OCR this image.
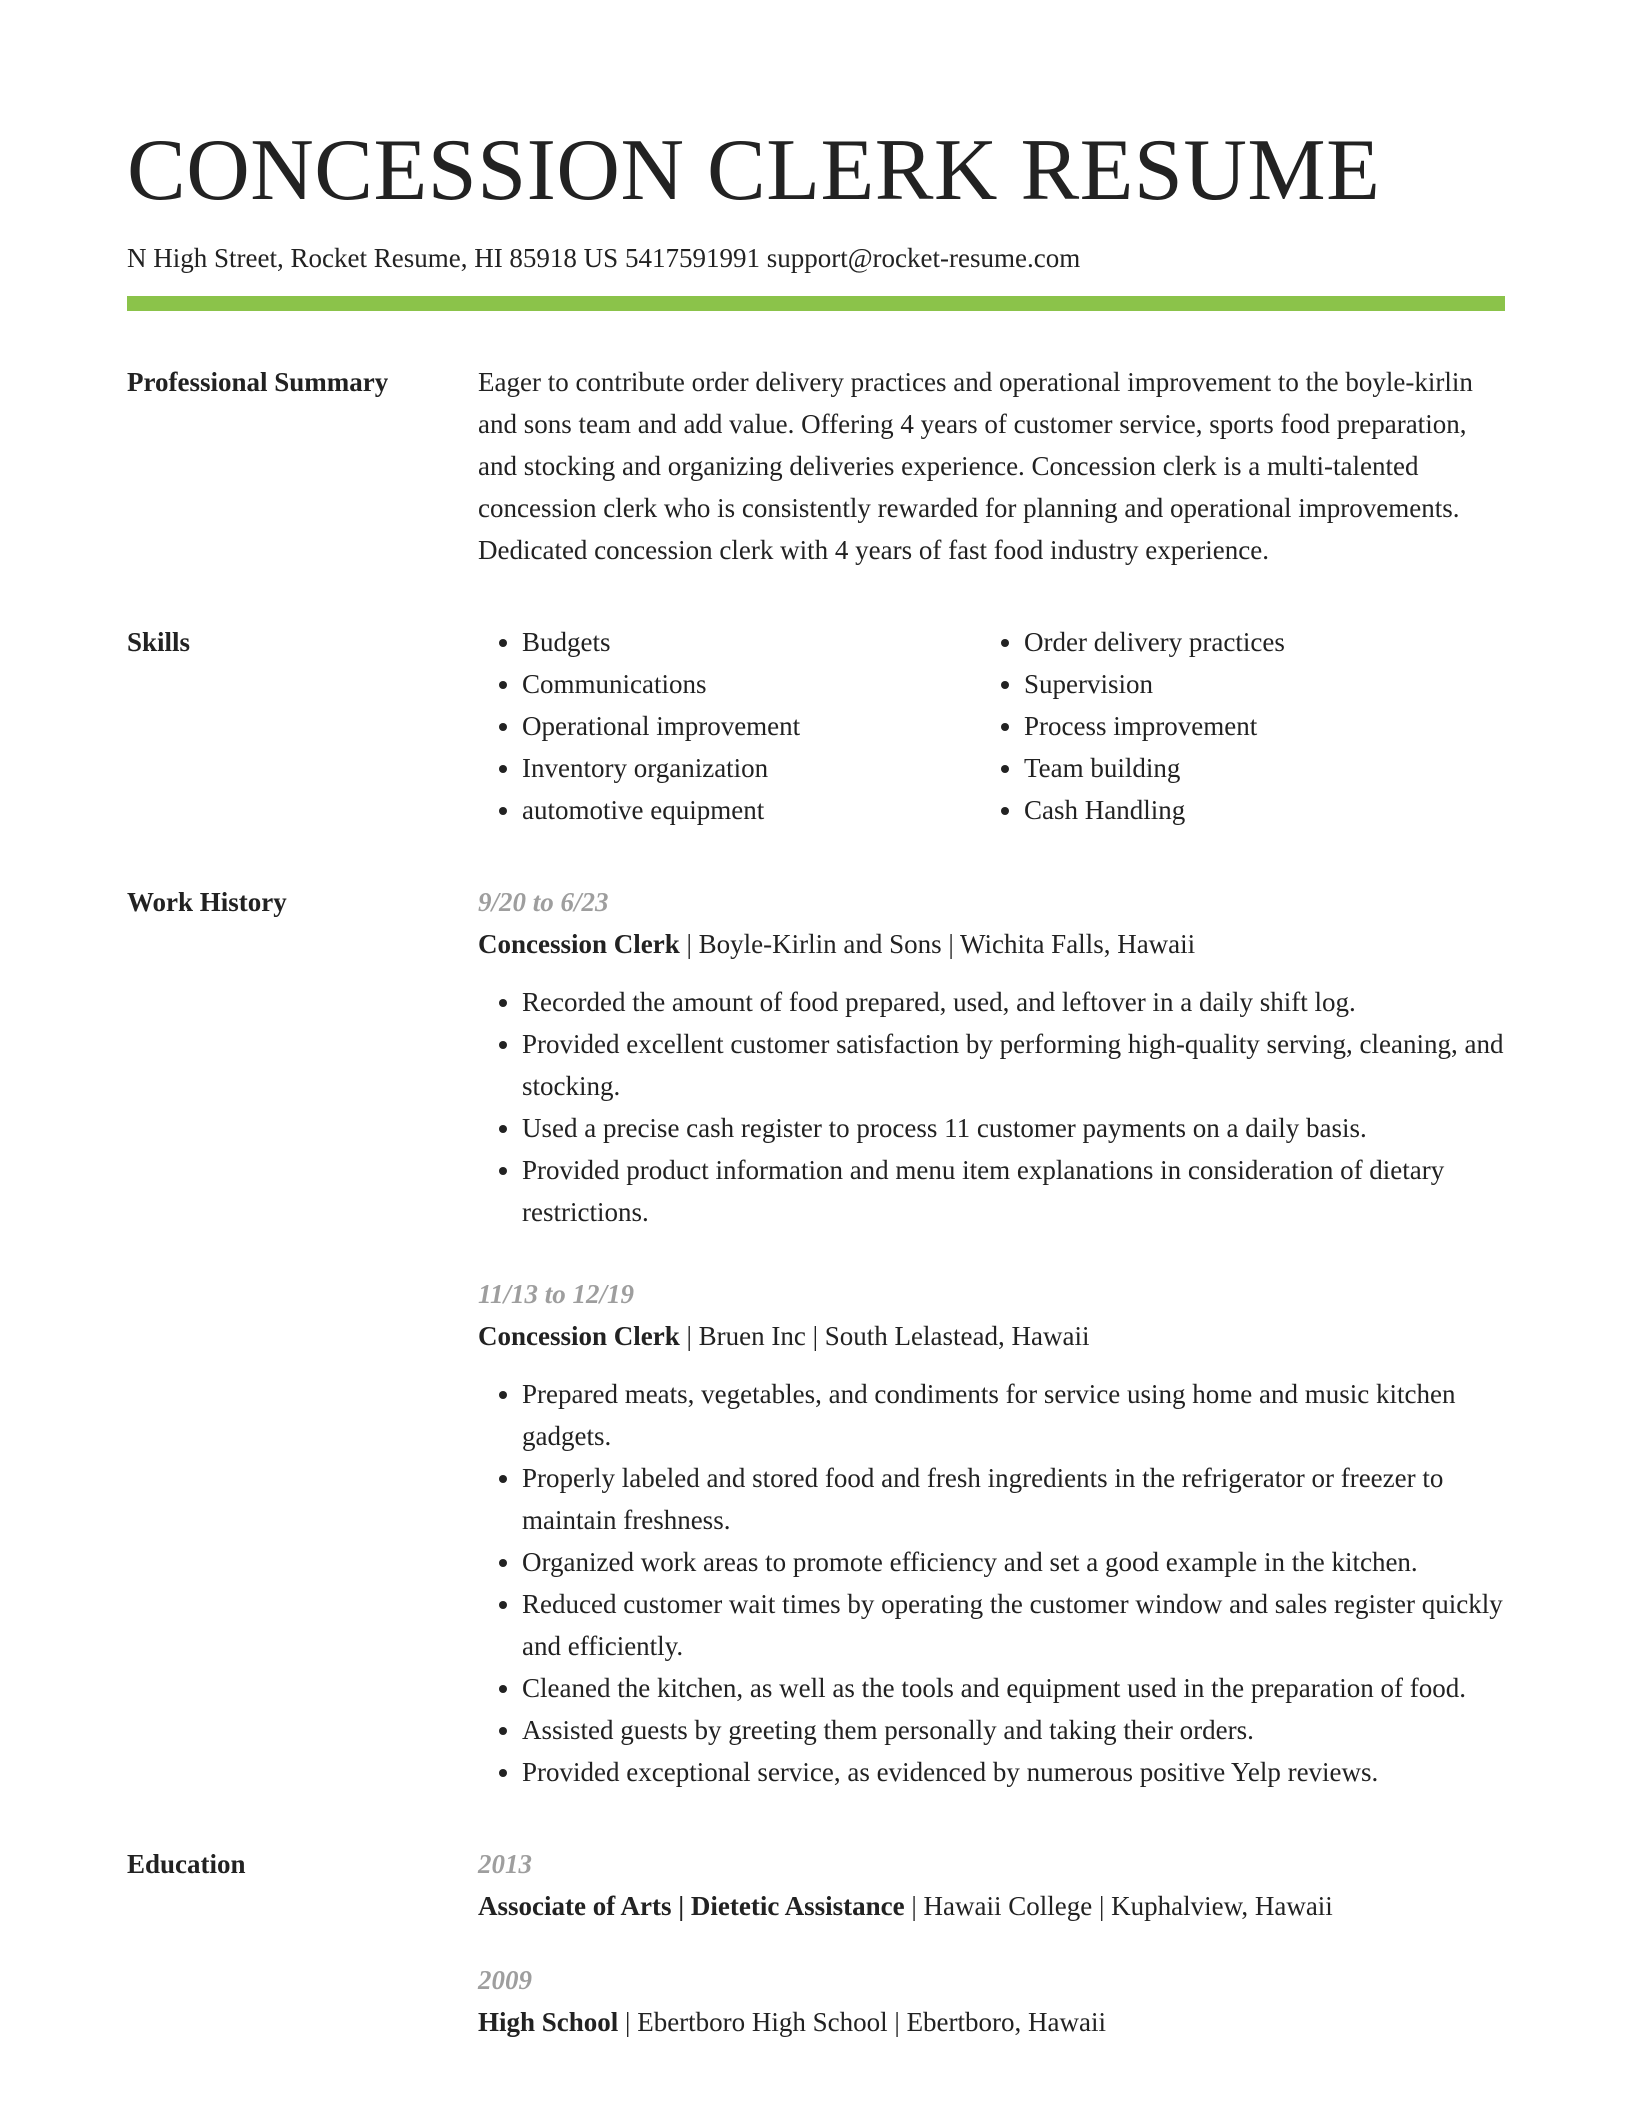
CONCESSION CLERK RESUME
N High Street, Rocket Resume, HI 85918 US 5417591991 support@rocket-resume.com
Professional Summary	Eager to contribute order delivery practices and operational improvement to the boyle-kirlin and sons team and add value. Offering 4 years of customer service, sports food preparation, and stocking and organizing deliveries experience. Concession clerk is a multi-talented concession clerk who is consistently rewarded for planning and operational improvements. Dedicated concession clerk with 4 years of fast food industry experience.

Skills
•	Budgets
• Communications
• Operational improvement
• Inventory organization
• automotive equipment
• Order delivery practices
• Supervision
• Process improvement
• Team building
• Cash Handling
Work History	9/20 to 6/23

Concession Clerk | Boyle-Kirlin and Sons | Wichita Falls, Hawaii

• Recorded the amount of food prepared, used, and leftover in a daily shift log.
• Provided excellent customer satisfaction by performing high-quality serving, cleaning, and stocking.
• Used a precise cash register to process 11 customer payments on a daily basis.
• Provided product information and menu item explanations in consideration of dietary restrictions.
11/13 to 12/19

Concession Clerk | Bruen Inc | South Lelastead, Hawaii

• Prepared meats, vegetables, and condiments for service using home and music kitchen gadgets.
• Properly labeled and stored food and fresh ingredients in the refrigerator or freezer to maintain freshness.
• Organized work areas to promote efficiency and set a good example in the kitchen.
• Reduced customer wait times by operating the customer window and sales register quickly and efficiently.
• Cleaned the kitchen, as well as the tools and equipment used in the preparation of food.
• Assisted guests by greeting them personally and taking their orders.
• Provided exceptional service, as evidenced by numerous positive Yelp reviews.
Education	2013

Associate of Arts | Dietetic Assistance | Hawaii College | Kuphalview, Hawaii

2009

High School | Ebertboro High School | Ebertboro, Hawaii
